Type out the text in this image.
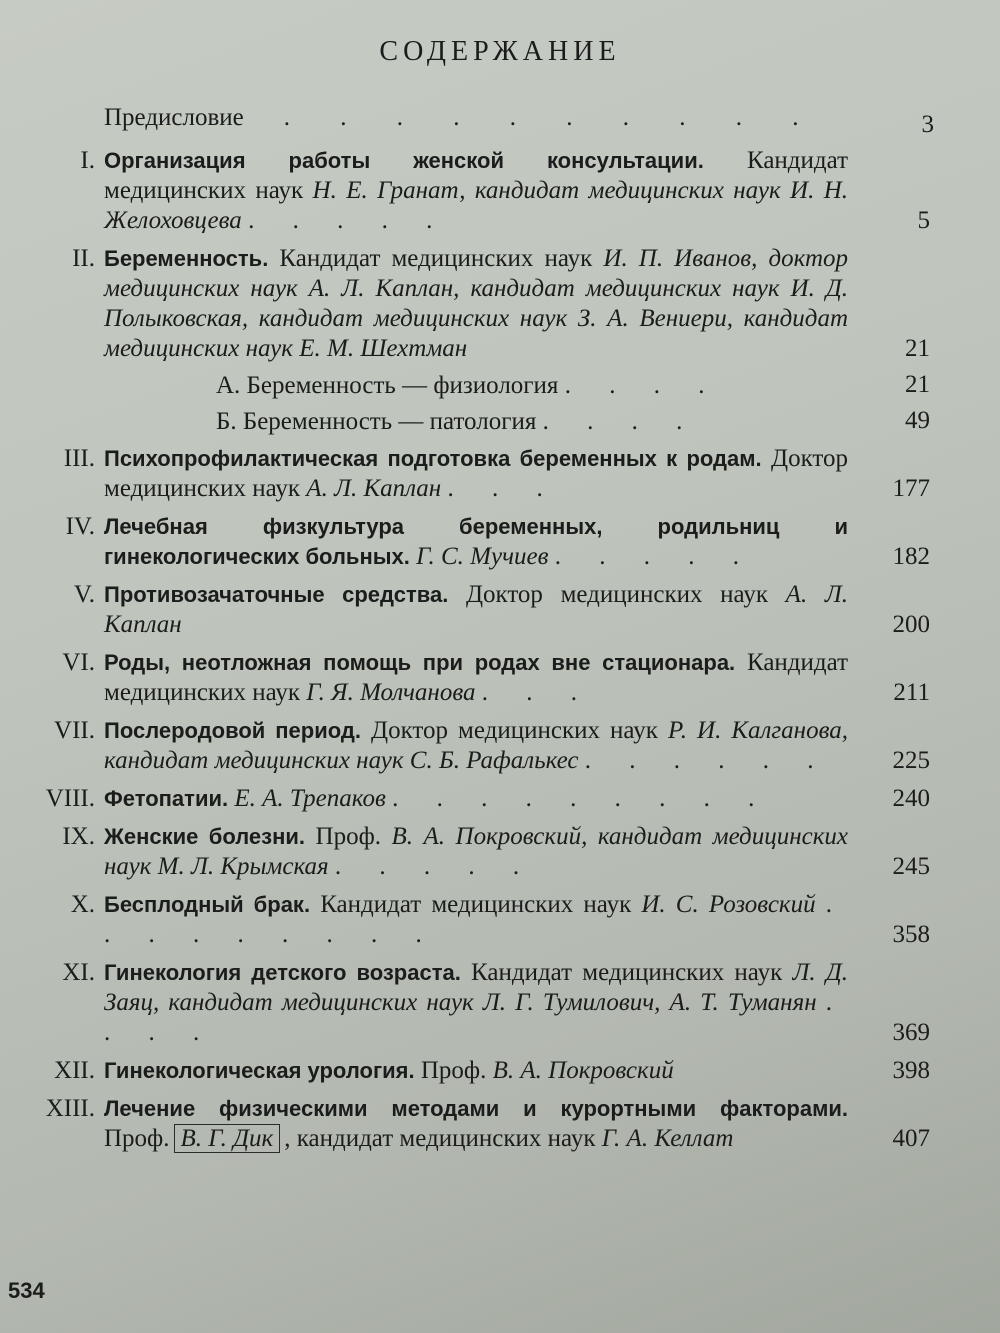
СОДЕРЖАНИЕ
Предисловие . . . . . . . . . .	3
I. Организация работы женской консультации. Кандидат медицинских наук Н. Е. Гранат, кандидат медицинских наук И. Н. Желоховцева . . . . .	5
II. Беременность. Кандидат медицинских наук И. П. Иванов, доктор медицинских наук А. Л. Каплан, кандидат медицинских наук И. Д. Полыковская, кандидат медицинских наук З. А. Вениери, кандидат медицинских наук Е. М. Шехтман	21
А. Беременность — физиология . . . .	21
Б. Беременность — патология . . . .	49
III. Психопрофилактическая подготовка беременных к родам. Доктор медицинских наук А. Л. Каплан . . .	177
IV. Лечебная физкультура беременных, родильниц и гинекологических больных. Г. С. Мучиев . . . . .	182
V. Противозачаточные средства. Доктор медицинских наук А. Л. Каплан	200
VI. Роды, неотложная помощь при родах вне стационара. Кандидат медицинских наук Г. Я. Молчанова . . .	211
VII. Послеродовой период. Доктор медицинских наук Р. И. Калганова, кандидат медицинских наук С. Б. Рафалькес . . . . . .	225
VIII. Фетопатии. Е. А. Трепаков . . . . . . . . .	240
IX. Женские болезни. Проф. В. А. Покровский, кандидат медицинских наук М. Л. Крымская . . . . .	245
X. Бесплодный брак. Кандидат медицинских наук И. С. Розовский . . . . . . . . .	358
XI. Гинекология детского возраста. Кандидат медицинских наук Л. Д. Заяц, кандидат медицинских наук Л. Г. Тумилович, А. Т. Туманян . . . .	369
XII. Гинекологическая урология. Проф. В. А. Покровский	398
XIII. Лечение физическими методами и курортными факторами. Проф. В. Г. Дик , кандидат медицинских наук Г. А. Келлат	407
534
